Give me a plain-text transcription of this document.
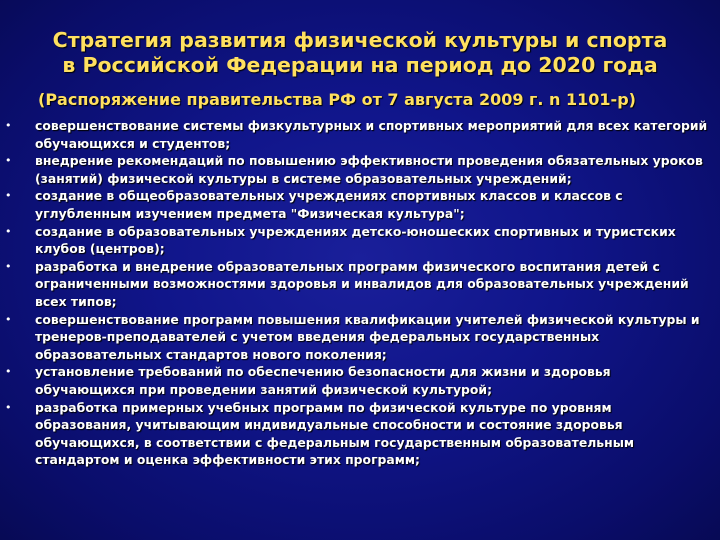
Стратегия развития физической культуры и спорта
в Российской Федерации на период до 2020 года
(Распоряжение правительства РФ от 7 августа 2009 г. n 1101-р)
• совершенствование системы физкультурных и спортивных мероприятий для всех категорий обучающихся и студентов;
• внедрение рекомендаций по повышению эффективности проведения обязательных уроков (занятий) физической культуры в системе образовательных учреждений;
• создание в общеобразовательных учреждениях спортивных классов и классов с углубленным изучением предмета "Физическая культура";
• создание в образовательных учреждениях детско-юношеских спортивных и туристских клубов (центров);
• разработка и внедрение образовательных программ физического воспитания детей с ограниченными возможностями здоровья и инвалидов для образовательных учреждений всех типов;
• совершенствование программ повышения квалификации учителей физической культуры и тренеров-преподавателей с учетом введения федеральных государственных образовательных стандартов нового поколения;
• установление требований по обеспечению безопасности для жизни и здоровья обучающихся при проведении занятий физической культурой;
• разработка примерных учебных программ по физической культуре по уровням образования, учитывающим индивидуальные способности и состояние здоровья обучающихся, в соответствии с федеральным государственным образовательным стандартом и оценка эффективности этих программ;
